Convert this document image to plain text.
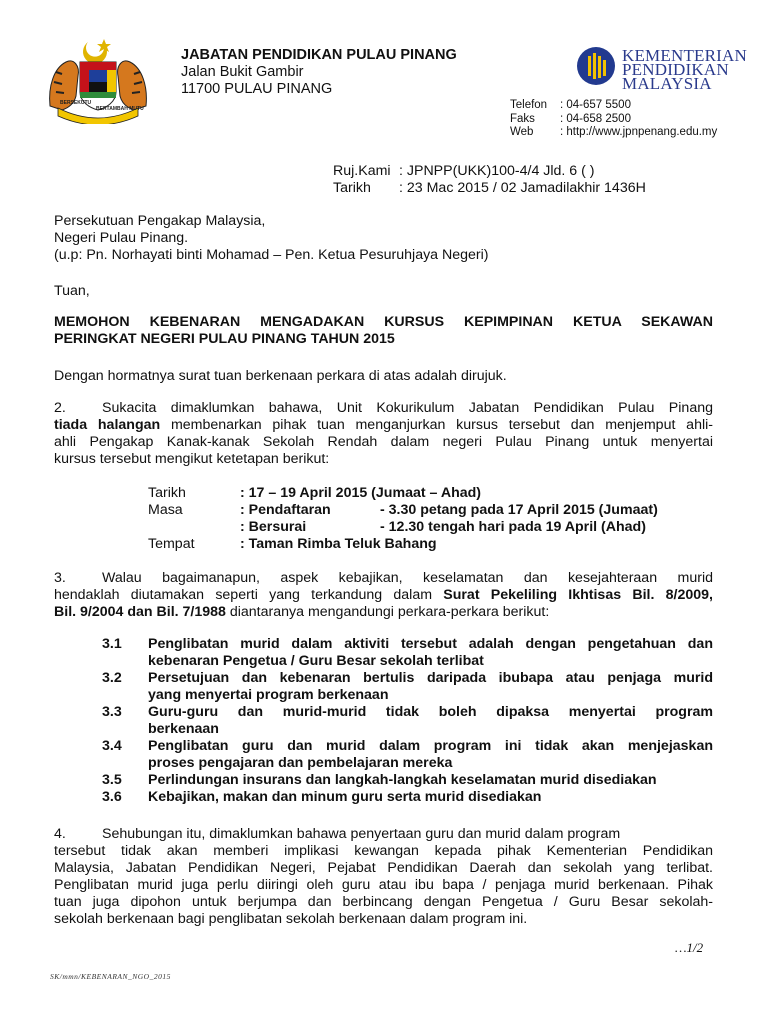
BERSEKUTU
BERTAMBAH MUTU
JABATAN PENDIDIKAN PULAU PINANG
Jalan Bukit Gambir
11700 PULAU PINANG
KEMENTERIAN
PENDIDIKAN
MALAYSIA
Telefon : 04-657 5500
Faks : 04-658 2500
Web : http://www.jpnpenang.edu.my
Ruj.Kami : JPNPP(UKK)100-4/4 Jld. 6 ( )
Tarikh : 23 Mac 2015 / 02 Jamadilakhir 1436H
Persekutuan Pengakap Malaysia,
Negeri Pulau Pinang.
(u.p: Pn. Norhayati binti Mohamad – Pen. Ketua Pesuruhjaya Negeri)
Tuan,
MEMOHON KEBENARAN MENGADAKAN KURSUS KEPIMPINAN KETUA SEKAWAN
PERINGKAT NEGERI PULAU PINANG TAHUN 2015
Dengan hormatnya surat tuan berkenaan perkara di atas adalah dirujuk.
2.	Sukacita dimaklumkan bahawa, Unit Kokurikulum Jabatan Pendidikan Pulau Pinang
tiada halangan membenarkan pihak tuan menganjurkan kursus tersebut dan menjemput ahli-
ahli Pengakap Kanak-kanak Sekolah Rendah dalam negeri Pulau Pinang untuk menyertai
kursus tersebut mengikut ketetapan berikut:
Tarikh	: 17 – 19 April 2015 (Jumaat – Ahad)
Masa	: Pendaftaran	- 3.30 petang pada 17 April 2015 (Jumaat)
: Bersurai	- 12.30 tengah hari pada 19 April (Ahad)
Tempat	: Taman Rimba Teluk Bahang
3.	Walau bagaimanapun, aspek kebajikan, keselamatan dan kesejahteraan murid
hendaklah diutamakan seperti yang terkandung dalam Surat Pekeliling Ikhtisas Bil. 8/2009,
Bil. 9/2004 dan Bil. 7/1988 diantaranya mengandungi perkara-perkara berikut:
3.1 Penglibatan murid dalam aktiviti tersebut adalah dengan pengetahuan dan
kebenaran Pengetua / Guru Besar sekolah terlibat
3.2 Persetujuan dan kebenaran bertulis daripada ibubapa atau penjaga murid
yang menyertai program berkenaan
3.3 Guru-guru dan murid-murid tidak boleh dipaksa menyertai program
berkenaan
3.4 Penglibatan guru dan murid dalam program ini tidak akan menjejaskan
proses pengajaran dan pembelajaran mereka
3.5 Perlindungan insurans dan langkah-langkah keselamatan murid disediakan
3.6 Kebajikan, makan dan minum guru serta murid disediakan
4.	Sehubungan itu, dimaklumkan bahawa penyertaan guru dan murid dalam program
tersebut tidak akan memberi implikasi kewangan kepada pihak Kementerian Pendidikan
Malaysia, Jabatan Pendidikan Negeri, Pejabat Pendidikan Daerah dan sekolah yang terlibat.
Penglibatan murid juga perlu diiringi oleh guru atau ibu bapa / penjaga murid berkenaan. Pihak
tuan juga dipohon untuk berjumpa dan berbincang dengan Pengetua / Guru Besar sekolah-
sekolah berkenaan bagi penglibatan sekolah berkenaan dalam program ini.
…1/2
SK/mmn/KEBENARAN_NGO_2015
